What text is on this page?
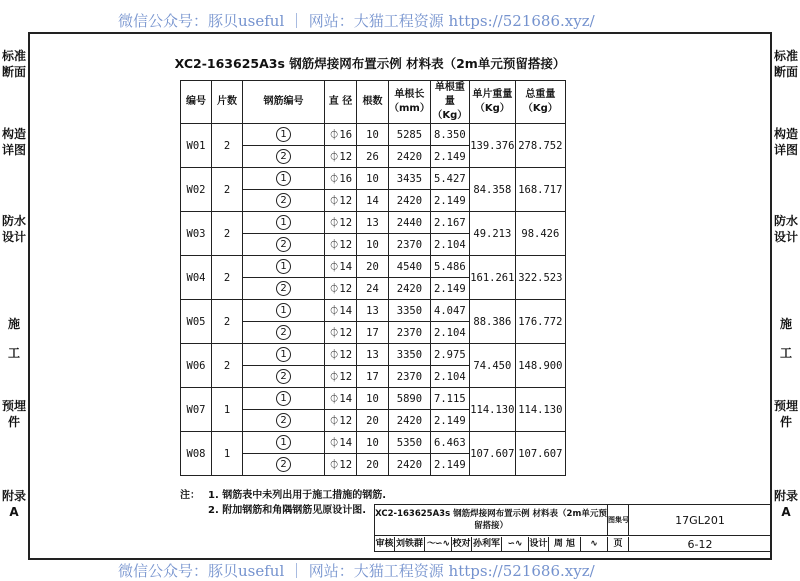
标准断面
构造详图
防水设计
施
工
预埋件
附录A
标准断面
构造详图
防水设计
施
工
预埋件
附录A
XC2-163625A3s 钢筋焊接网布置示例 材料表（2m单元预留搭接）
编号	片数	钢筋编号	直 径	根数	单根长（mm）	单根重量（Kg）	单片重量（Kg）	总重量（Kg）
W01	2	1	⏀16	10	5285	8.350	139.376	278.752
		2	⏀12	26	2420	2.149		
W02	2	1	⏀16	10	3435	5.427	84.358	168.717
		2	⏀12	14	2420	2.149		
W03	2	1	⏀12	13	2440	2.167	49.213	98.426
		2	⏀12	10	2370	2.104		
W04	2	1	⏀14	20	4540	5.486	161.261	322.523
		2	⏀12	24	2420	2.149		
W05	2	1	⏀14	13	3350	4.047	88.386	176.772
		2	⏀12	17	2370	2.104		
W06	2	1	⏀12	13	3350	2.975	74.450	148.900
		2	⏀12	17	2370	2.104		
W07	1	1	⏀14	10	5890	7.115	114.130	114.130
		2	⏀12	20	2420	2.149		
W08	1	1	⏀14	10	5350	6.463	107.607	107.607
		2	⏀12	20	2420	2.149		
注： 1. 钢筋表中未列出用于施工措施的钢筋.
2. 附加钢筋和角隅钢筋见原设计图.	XC2-163625A3s 钢筋焊接网布置示例 材料表（2m单元预留搭接）
图集号	17GL201
审核 刘铁群 ～∽∿ 校对 孙利军 ∽∿ 设计 周 旭	∿	页	6-12
微信公众号：豚贝useful ｜ 网站：大猫工程资源 https://521686.xyz/
微信公众号：豚贝useful ｜ 网站：大猫工程资源 https://521686.xyz/
